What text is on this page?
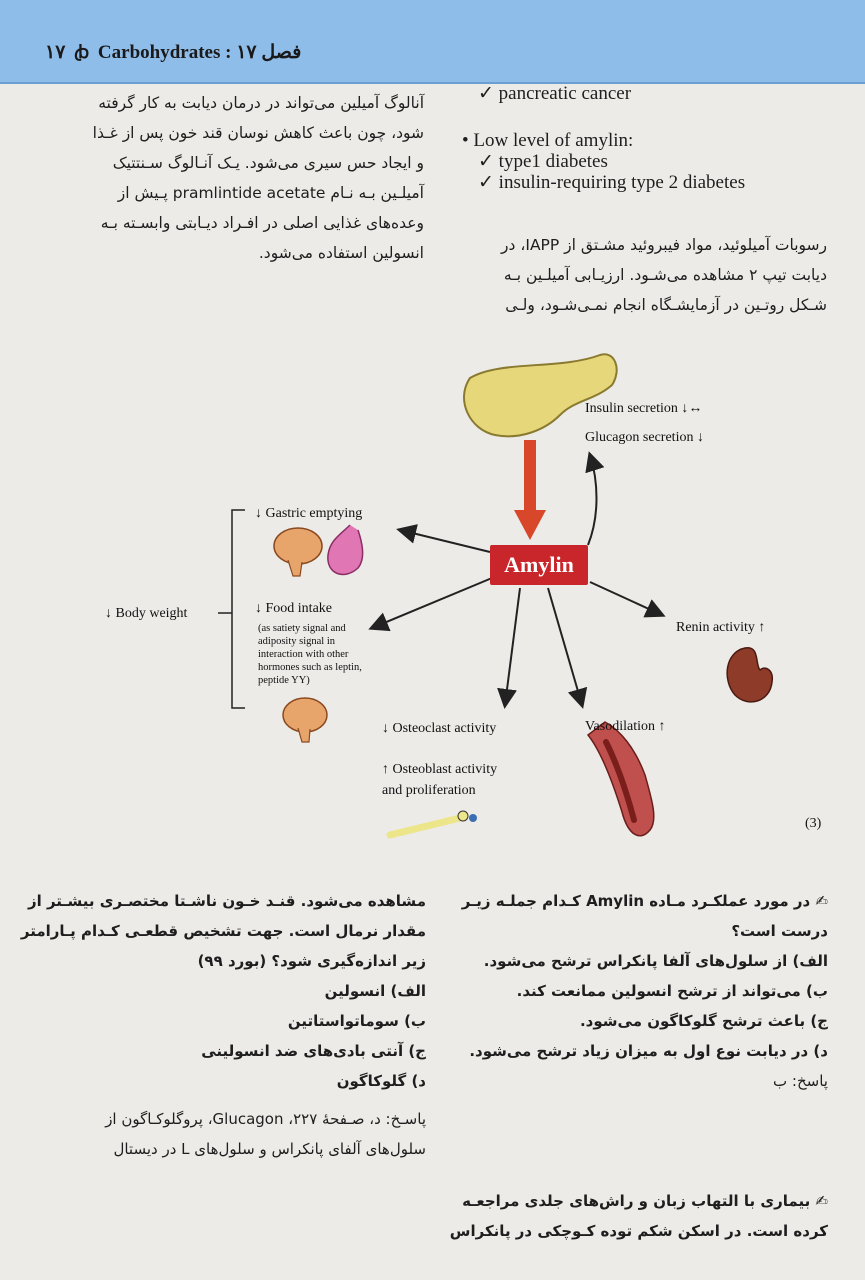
۱۷ ꞗ Carbohydrates : ۱۷ فصل
آنالوگ آمیلین می‌تواند در درمان دیابت به کار گرفته
شود، چون باعث کاهش نوسان قند خون پس از غـذا
و ایجاد حس سیری می‌شود. یـک آنـالوگ سـنتتیک
آمیلـین بـه نـام pramlintide acetate پـیش از
وعده‌های غذایی اصلی در افـراد دیـابتی وابسـته بـه
انسولین استفاده می‌شود.
✓ pancreatic cancer
• Low level of amylin:
✓ type1 diabetes
✓ insulin-requiring type 2 diabetes
رسوبات آمیلوئید، مواد فیبروئید مشـتق از IAPP، در
دیابت تیپ ۲ مشاهده می‌شـود. ارزیـابی آمیلـین بـه
شـکل روتـین در آزمایشـگاه انجام نمـی‌شـود، ولـی
Amylin
Insulin secretion ↓↔
Glucagon secretion ↓
↓ Gastric emptying
↓ Body weight	↓ Food intake
(as satiety signal and
adiposity signal in
interaction with other
hormones such as leptin,
peptide YY)
Renin activity ↑
↓ Osteoclast activity
↑ Osteoblast activity
and proliferation
Vasodilation ↑
(3)
✍ در مورد عملکـرد مـاده Amylin کـدام جملـه زیـر
درست است؟
الف) از سلول‌های آلفا پانکراس ترشح می‌شود.
ب) می‌تواند از ترشح انسولین ممانعت کند.
ج) باعث ترشح گلوکاگون می‌شود.
د) در دیابت نوع اول به میزان زیاد ترشح می‌شود.
پاسخ: ب
✍ بیماری با التهاب زبان و راش‌های جلدی مراجعـه
کرده است. در اسکن شکم توده کـوچکی در پانکراس
مشاهده می‌شود. قنـد خـون ناشـتا مختصـری بیشـتر از
مقدار نرمال است. جهت تشخیص قطعـی کـدام پـارامتر
زیر اندازه‌گیری شود؟ (بورد ۹۹)
الف) انسولین
ب) سوماتواستاتین
ج) آنتی بادی‌های ضد انسولینی
د) گلوکاگون
پاسـخ: د، صـفحهٔ ۲۲۷، Glucagon، پروگلوکـاگون از
سلول‌های آلفای پانکراس و سلول‌های L در دیستال
